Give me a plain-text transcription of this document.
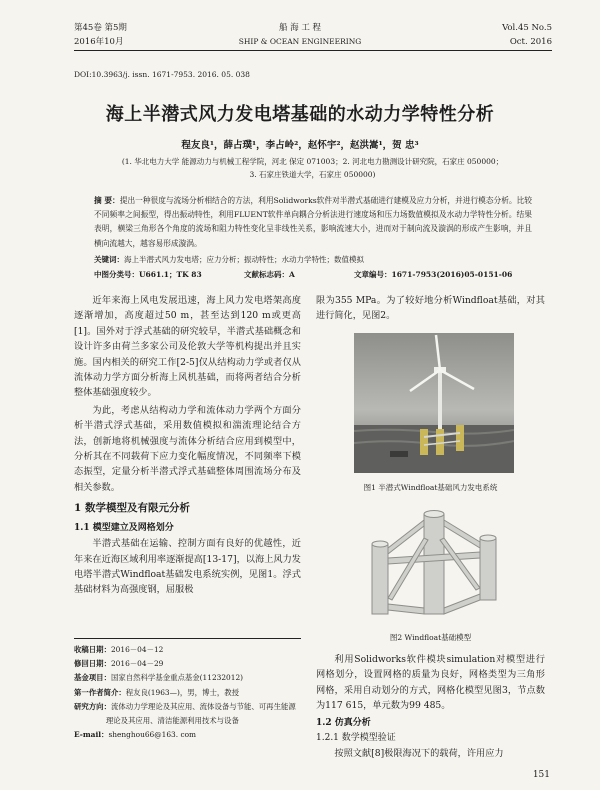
第45卷 第5期
2016年10月
船 海 工 程
SHIP & OCEAN ENGINEERING
Vol.45 No.5
Oct. 2016
DOI:10.3963/j. issn. 1671-7953. 2016. 05. 038
海上半潜式风力发电塔基础的水动力学特性分析
程友良¹，薛占璞¹，李占岭²，赵怀宇²，赵洪嵩¹，贺 忠³
(1. 华北电力大学 能源动力与机械工程学院，河北 保定 071003；2. 河北电力勘测设计研究院，石家庄 050000；
3. 石家庄铁道大学，石家庄 050000)
摘 要：提出一种很度与流场分析相结合的方法，利用Solidworks软件对半潜式基础进行建模及应力分析，并进行模态分析。比较不同频率之间振型，得出振动特性，利用FLUENT软件单向耦合分析法进行速度场和压力场数值模拟及水动力学特性分析。结果表明，横梁三角形各个角度的流场和阻力特性变化呈非线性关系，影响流速大小，进而对于制向流及漩涡的形成产生影响，并且横向流越大，越容易形成漩涡。
关键词：海上半潜式风力发电塔；应力分析；振动特性；水动力学特性；数值模拟
中图分类号：U661.1；TK 83	文献标志码：A	文章编号：1671-7953(2016)05-0151-06

近年来海上风电发展迅速，海上风力发电塔架高度逐渐增加，高度超过50 m，甚至达到120 m或更高[1]。国外对于浮式基础的研究较早，半潜式基础概念和设计许多由荷兰多家公司及伦敦大学等机构提出并且实施。国内相关的研究工作[2-5]仅从结构动力学或者仅从流体动力学方面分析海上风机基础，而将两者结合分析整体基础强度较少。

为此，考虑从结构动力学和流体动力学两个方面分析半潜式浮式基础，采用数值模拟和湍流理论结合方法，创新地将机械强度与流体分析结合应用到模型中，分析其在不同载荷下应力变化幅度情况，不同频率下模态振型，定量分析半潜式浮式基础整体周围流场分布及相关参数。

1 数学模型及有限元分析
1.1 模型建立及网格划分

半潜式基础在运输、控制方面有良好的优越性，近年来在近海区域利用率逐渐提高[13-17]，以海上风力发电塔半潜式Windfloat基础发电系统实例，见图1。浮式基础材料为高强度钢，屈服极

收稿日期：2016－04－12
修回日期：2016－04－29
基金项目：国家自然科学基金重点基金(11232012)
第一作者简介：程友良(1963—)，男，博士，教授
研究方向：流体动力学理论及其应用、流体设备与节能、可再生能源理论及其应用、清洁能源利用技术与设备
E-mail：shenghou66@163. com
限为355 MPa。为了较好地分析Windfloat基础，对其进行简化，见图2。
图1 半潜式Windfloat基础风力发电系统
图2 Windfloat基础模型

利用Solidworks软件模块simulation对模型进行网格划分，设置网格的质量为良好，网格类型为三角形网格，采用自动划分的方式，网格化模型见图3，节点数为117 615，单元数为99 485。

1.2 仿真分析
1.2.1 数学模型验证

按照文献[8]极限海况下的载荷，许用应力

151
